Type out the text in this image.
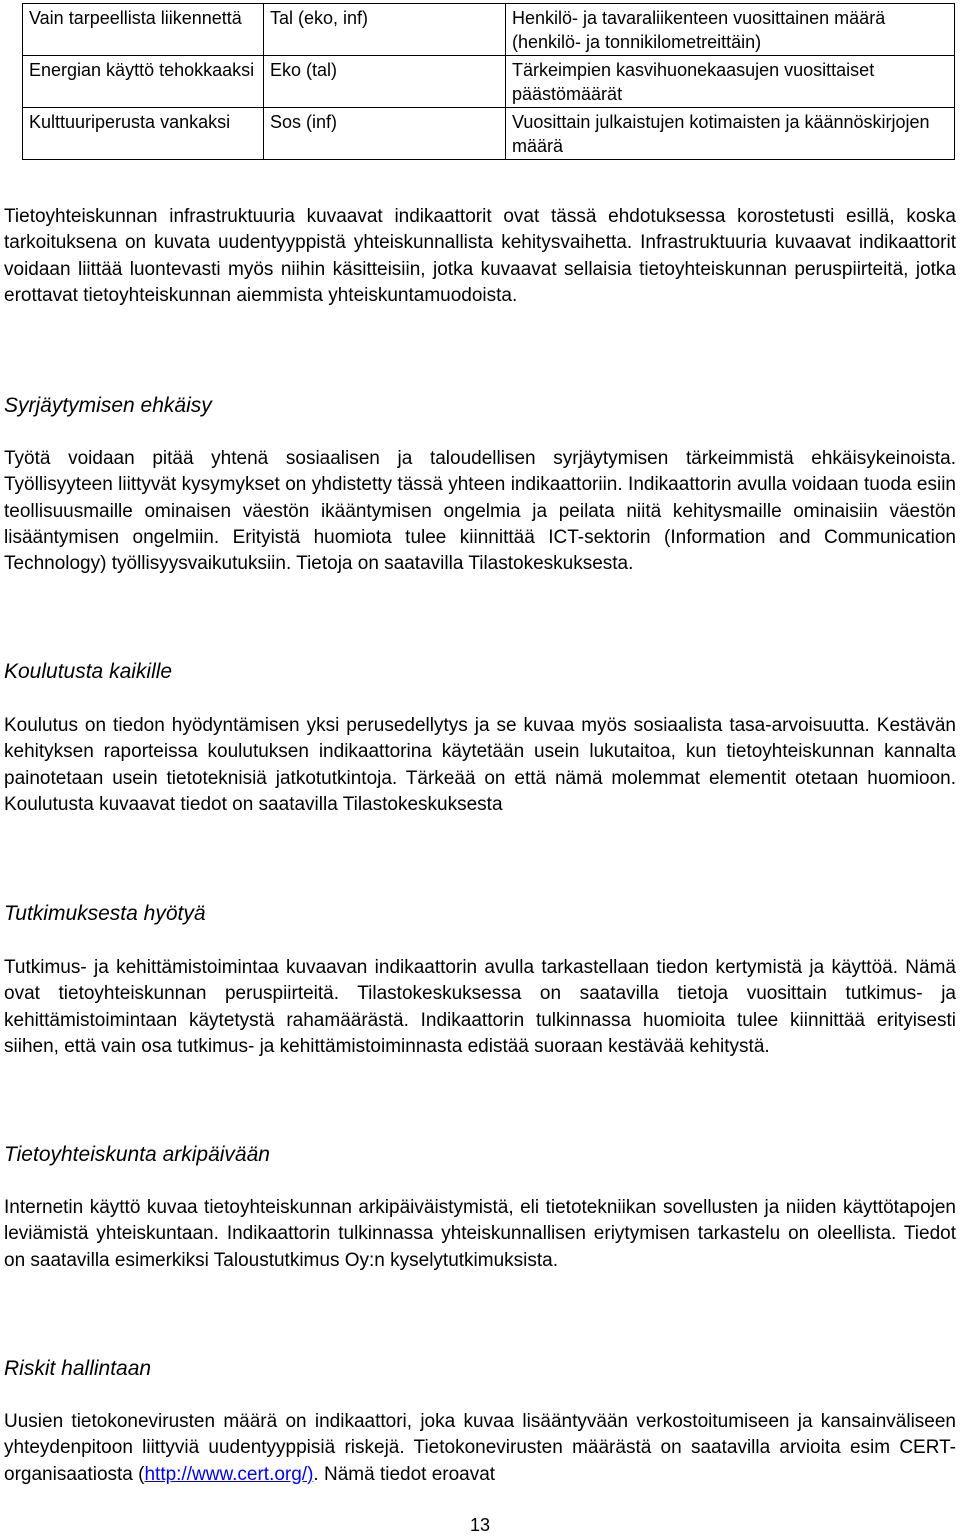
Vain tarpeellista liikennettä	Tal (eko, inf)	Henkilö- ja tavaraliikenteen vuosittainen määrä (henkilö- ja tonnikilometreittäin)
Energian käyttö tehokkaaksi	Eko (tal)	Tärkeimpien kasvihuonekaasujen vuosittaiset päästömäärät
Kulttuuriperusta vankaksi	Sos (inf)	Vuosittain julkaistujen kotimaisten ja käännöskirjojen määrä

Tietoyhteiskunnan infrastruktuuria kuvaavat indikaattorit ovat tässä ehdotuksessa korostetusti esillä, koska tarkoituksena on kuvata uudentyyppistä yhteiskunnallista kehitysvaihetta. Infrastruktuuria kuvaavat indikaattorit voidaan liittää luontevasti myös niihin käsitteisiin, jotka kuvaavat sellaisia tietoyhteiskunnan peruspiirteitä, jotka erottavat tietoyhteiskunnan aiemmista yhteiskuntamuodoista.

Syrjäytymisen ehkäisy

Työtä voidaan pitää yhtenä sosiaalisen ja taloudellisen syrjäytymisen tärkeimmistä ehkäisykeinoista. Työllisyyteen liittyvät kysymykset on yhdistetty tässä yhteen indikaattoriin. Indikaattorin avulla voidaan tuoda esiin teollisuusmaille ominaisen väestön ikääntymisen ongelmia ja peilata niitä kehitysmaille ominaisiin väestön lisääntymisen ongelmiin. Erityistä huomiota tulee kiinnittää ICT-sektorin (Information and Communication Technology) työllisyysvaikutuksiin. Tietoja on saatavilla Tilastokeskuksesta.

Koulutusta kaikille

Koulutus on tiedon hyödyntämisen yksi perusedellytys ja se kuvaa myös sosiaalista tasa-arvoisuutta. Kestävän kehityksen raporteissa koulutuksen indikaattorina käytetään usein lukutaitoa, kun tietoyhteiskunnan kannalta painotetaan usein tietoteknisiä jatkotutkintoja. Tärkeää on että nämä molemmat elementit otetaan huomioon. Koulutusta kuvaavat tiedot on saatavilla Tilastokeskuksesta

Tutkimuksesta hyötyä

Tutkimus- ja kehittämistoimintaa kuvaavan indikaattorin avulla tarkastellaan tiedon kertymistä ja käyttöä. Nämä ovat tietoyhteiskunnan peruspiirteitä. Tilastokeskuksessa on saatavilla tietoja vuosittain tutkimus- ja kehittämistoimintaan käytetystä rahamäärästä. Indikaattorin tulkinnassa huomioita tulee kiinnittää erityisesti siihen, että vain osa tutkimus- ja kehittämistoiminnasta edistää suoraan kestävää kehitystä.

Tietoyhteiskunta arkipäivään

Internetin käyttö kuvaa tietoyhteiskunnan arkipäiväistymistä, eli tietotekniikan sovellusten ja niiden käyttötapojen leviämistä yhteiskuntaan. Indikaattorin tulkinnassa yhteiskunnallisen eriytymisen tarkastelu on oleellista. Tiedot on saatavilla esimerkiksi Taloustutkimus Oy:n kyselytutkimuksista.

Riskit hallintaan

Uusien tietokonevirusten määrä on indikaattori, joka kuvaa lisääntyvään verkostoitumiseen ja kansainväliseen yhteydenpitoon liittyviä uudentyyppisiä riskejä. Tietokonevirusten määrästä on saatavilla arvioita esim CERT-organisaatiosta (http://www.cert.org/). Nämä tiedot eroavat

13
